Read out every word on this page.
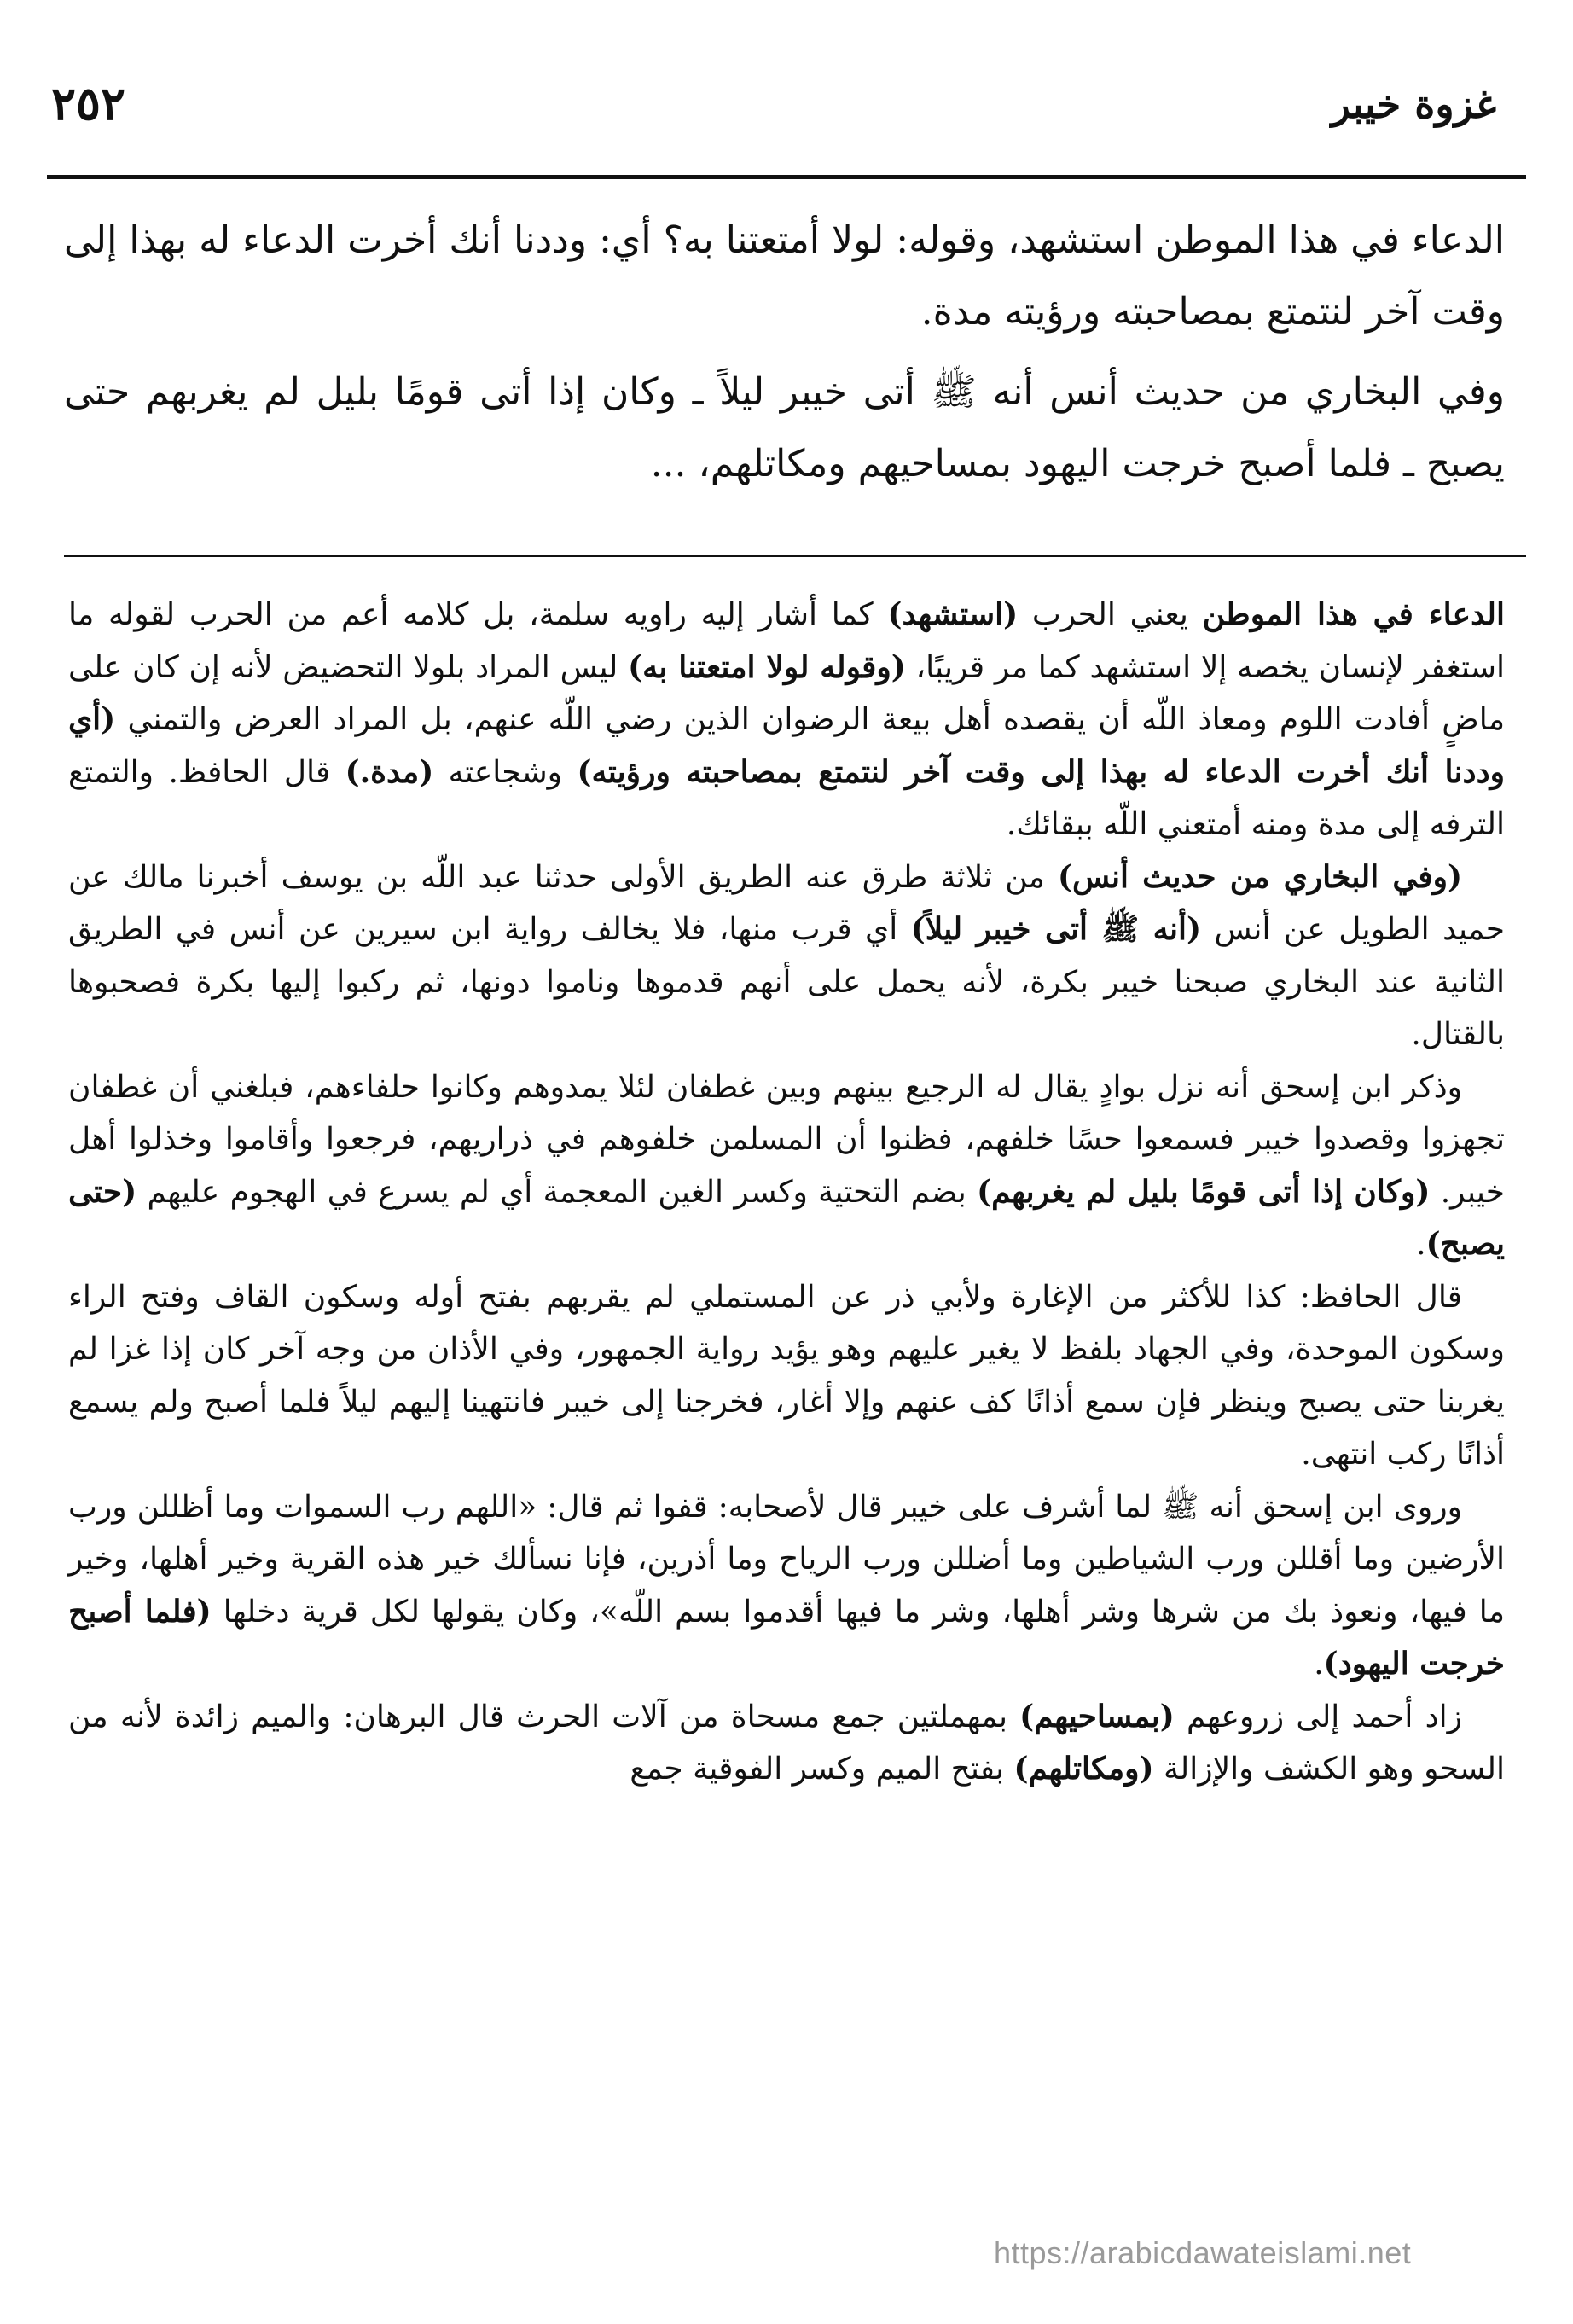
غزوة خيبر
٢٥٢

الدعاء في هذا الموطن استشهد، وقوله: لولا أمتعتنا به؟ أي: وددنا أنك أخرت الدعاء له بهذا إلى وقت آخر لنتمتع بمصاحبته ورؤيته مدة.

وفي البخاري من حديث أنس أنه ﷺ أتى خيبر ليلاً ـ وكان إذا أتى قومًا بليل لم يغربهم حتى يصبح ـ فلما أصبح خرجت اليهود بمساحيهم ومكاتلهم، ...

الدعاء في هذا الموطن يعني الحرب (استشهد) كما أشار إليه راويه سلمة، بل كلامه أعم من الحرب لقوله ما استغفر لإنسان يخصه إلا استشهد كما مر قريبًا، (وقوله لولا امتعتنا به) ليس المراد بلولا التحضيض لأنه إن كان على ماضٍ أفادت اللوم ومعاذ اللّه أن يقصده أهل بيعة الرضوان الذين رضي اللّه عنهم، بل المراد العرض والتمني (أي وددنا أنك أخرت الدعاء له بهذا إلى وقت آخر لنتمتع بمصاحبته ورؤيته) وشجاعته (مدة.) قال الحافظ. والتمتع الترفه إلى مدة ومنه أمتعني اللّه ببقائك.

(وفي البخاري من حديث أنس) من ثلاثة طرق عنه الطريق الأولى حدثنا عبد اللّه بن يوسف أخبرنا مالك عن حميد الطويل عن أنس (أنه ﷺ أتى خيبر ليلاً) أي قرب منها، فلا يخالف رواية ابن سيرين عن أنس في الطريق الثانية عند البخاري صبحنا خيبر بكرة، لأنه يحمل على أنهم قدموها وناموا دونها، ثم ركبوا إليها بكرة فصحبوها بالقتال.

وذكر ابن إسحق أنه نزل بوادٍ يقال له الرجيع بينهم وبين غطفان لئلا يمدوهم وكانوا حلفاءهم، فبلغني أن غطفان تجهزوا وقصدوا خيبر فسمعوا حسًا خلفهم، فظنوا أن المسلمن خلفوهم في ذراريهم، فرجعوا وأقاموا وخذلوا أهل خيبر. (وكان إذا أتى قومًا بليل لم يغربهم) بضم التحتية وكسر الغين المعجمة أي لم يسرع في الهجوم عليهم (حتى يصبح).

قال الحافظ: كذا للأكثر من الإغارة ولأبي ذر عن المستملي لم يقربهم بفتح أوله وسكون القاف وفتح الراء وسكون الموحدة، وفي الجهاد بلفظ لا يغير عليهم وهو يؤيد رواية الجمهور، وفي الأذان من وجه آخر كان إذا غزا لم يغربنا حتى يصبح وينظر فإن سمع أذانًا كف عنهم وإلا أغار، فخرجنا إلى خيبر فانتهينا إليهم ليلاً فلما أصبح ولم يسمع أذانًا ركب انتهى.

وروى ابن إسحق أنه ﷺ لما أشرف على خيبر قال لأصحابه: قفوا ثم قال: «اللهم رب السموات وما أظللن ورب الأرضين وما أقللن ورب الشياطين وما أضللن ورب الرياح وما أذرين، فإنا نسألك خير هذه القرية وخير أهلها، وخير ما فيها، ونعوذ بك من شرها وشر أهلها، وشر ما فيها أقدموا بسم اللّه»، وكان يقولها لكل قرية دخلها (فلما أصبح خرجت اليهود).

زاد أحمد إلى زروعهم (بمساحيهم) بمهملتين جمع مسحاة من آلات الحرث قال البرهان: والميم زائدة لأنه من السحو وهو الكشف والإزالة (ومكاتلهم) بفتح الميم وكسر الفوقية جمع

https://arabicdawateislami.net
